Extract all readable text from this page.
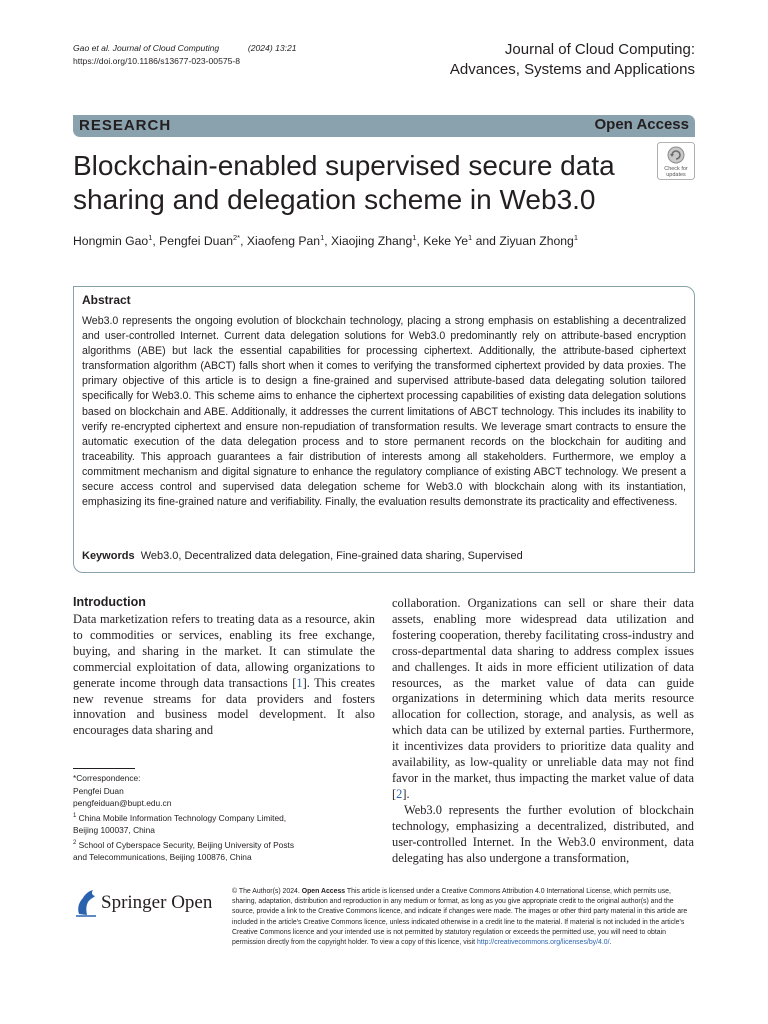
Gao et al. Journal of Cloud Computing	(2024) 13:21
https://doi.org/10.1186/s13677-023-00575-8
Journal of Cloud Computing:
Advances, Systems and Applications
RESEARCH	Open Access
Blockchain-enabled supervised secure data sharing and delegation scheme in Web3.0
Check for
updates
Hongmin Gao$^1$, Pengfei Duan$^{2*}$, Xiaofeng Pan$^1$, Xiaojing Zhang$^1$, Keke Ye$^1$ and Ziyuan Zhong$^1$
Abstract
Web3.0 represents the ongoing evolution of blockchain technology, placing a strong emphasis on establishing a decentralized and user-controlled Internet. Current data delegation solutions for Web3.0 predominantly rely on attribute-based encryption algorithms (ABE) but lack the essential capabilities for processing ciphertext. Additionally, the attribute-based ciphertext transformation algorithm (ABCT) falls short when it comes to verifying the transformed ciphertext provided by data proxies. The primary objective of this article is to design a fine-grained and supervised attribute-based data delegating solution tailored specifically for Web3.0. This scheme aims to enhance the ciphertext processing capabilities of existing data delegation solutions based on blockchain and ABE. Additionally, it addresses the current limitations of ABCT technology. This includes its inability to verify re-encrypted ciphertext and ensure non-repudiation of transformation results. We leverage smart contracts to ensure the automatic execution of the data delegation process and to store permanent records on the blockchain for auditing and traceability. This approach guarantees a fair distribution of interests among all stakeholders. Furthermore, we employ a commitment mechanism and digital signature to enhance the regulatory compliance of existing ABCT technology. We present a secure access control and supervised data delegation scheme for Web3.0 with blockchain along with its instantiation, emphasizing its fine-grained nature and verifiability. Finally, the evaluation results demonstrate its practicality and effectiveness.
Keywords Web3.0, Decentralized data delegation, Fine-grained data sharing, Supervised
Introduction

Data marketization refers to treating data as a resource, akin to commodities or services, enabling its free exchange, buying, and sharing in the market. It can stimulate the commercial exploitation of data, allowing organizations to generate income through data transactions [1]. This creates new revenue streams for data providers and fosters innovation and business model development. It also encourages data sharing and

collaboration. Organizations can sell or share their data assets, enabling more widespread data utilization and fostering cooperation, thereby facilitating cross-industry and cross-departmental data sharing to address complex issues and challenges. It aids in more efficient utilization of data resources, as the market value of data can guide organizations in determining which data merits resource allocation for collection, storage, and analysis, as well as which data can be utilized by external parties. Furthermore, it incentivizes data providers to prioritize data quality and availability, as low-quality or unreliable data may not find favor in the market, thus impacting the market value of data [2].

Web3.0 represents the further evolution of blockchain technology, emphasizing a decentralized, distributed, and user-controlled Internet. In the Web3.0 environment, data delegating has also undergone a transformation,

*Correspondence:
Pengfei Duan
pengfeiduan@bupt.edu.cn
$^1$ China Mobile Information Technology Company Limited,
Beijing 100037, China
$^2$ School of Cyberspace Security, Beijing University of Posts
and Telecommunications, Beijing 100876, China
Springer Open
© The Author(s) 2024. Open Access This article is licensed under a Creative Commons Attribution 4.0 International License, which permits use, sharing, adaptation, distribution and reproduction in any medium or format, as long as you give appropriate credit to the original author(s) and the source, provide a link to the Creative Commons licence, and indicate if changes were made. The images or other third party material in this article are included in the article's Creative Commons licence, unless indicated otherwise in a credit line to the material. If material is not included in the article's Creative Commons licence and your intended use is not permitted by statutory regulation or exceeds the permitted use, you will need to obtain permission directly from the copyright holder. To view a copy of this licence, visit http://creativecommons.org/licenses/by/4.0/.
